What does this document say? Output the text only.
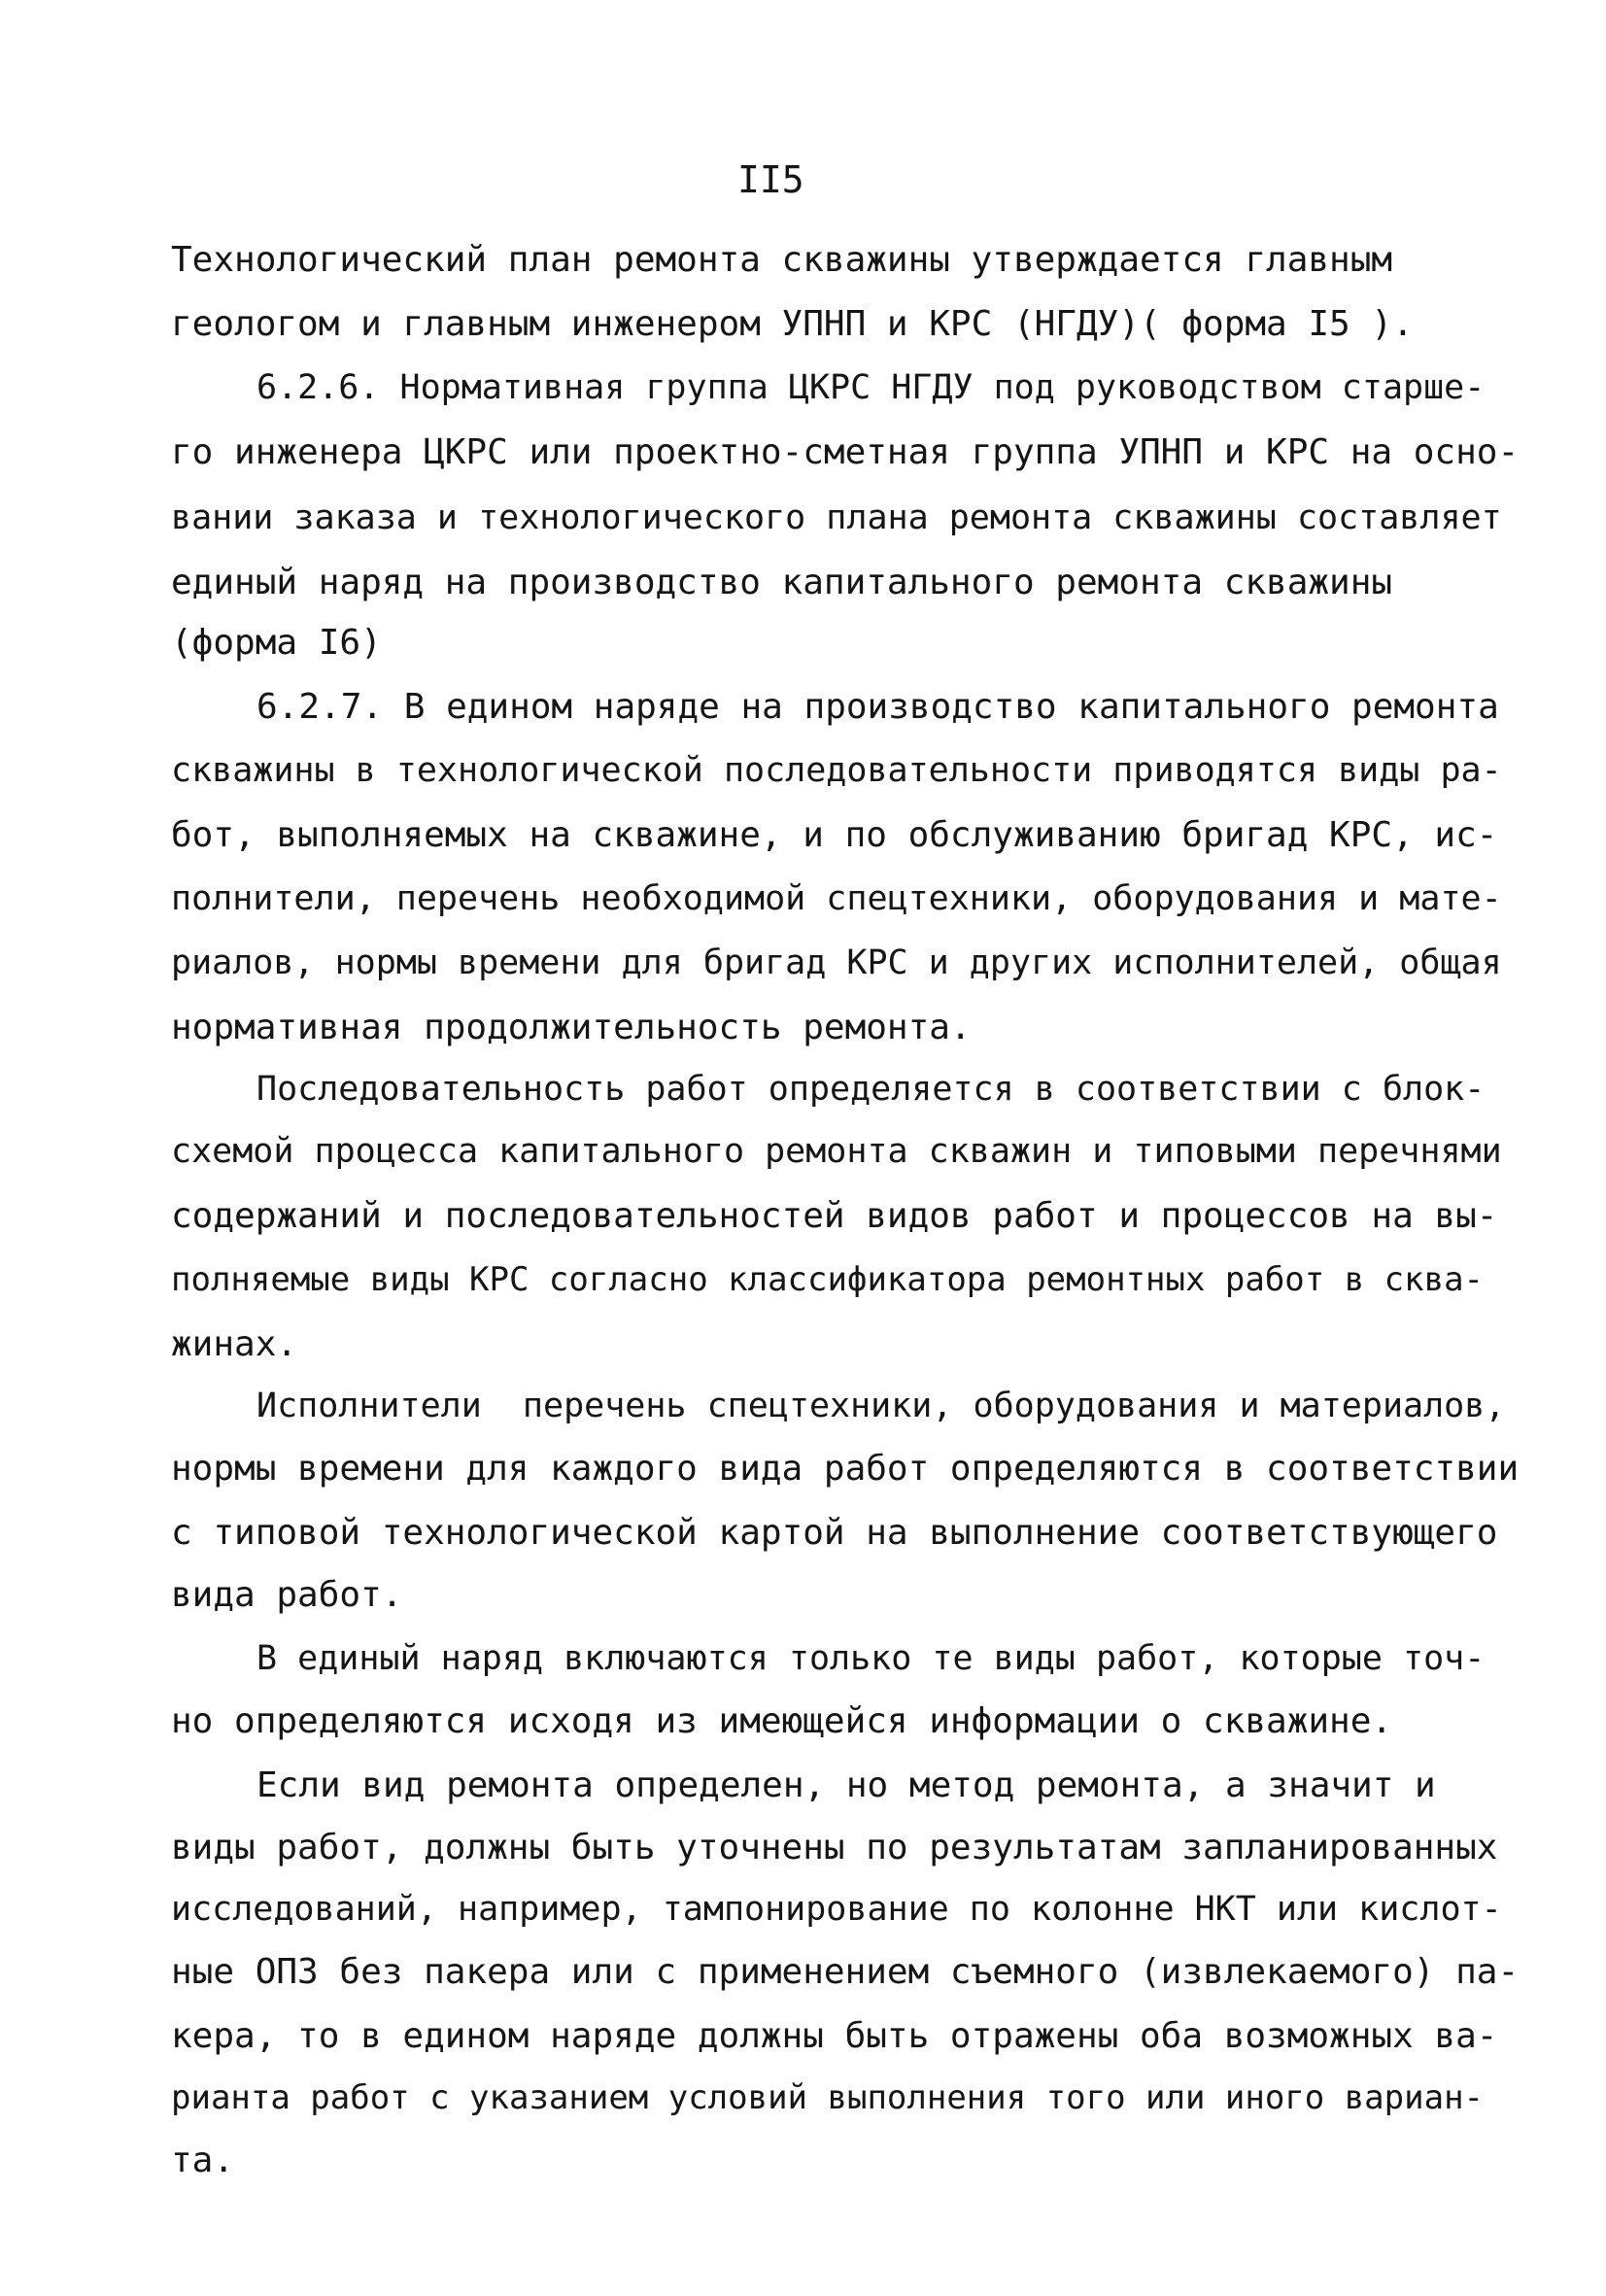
II5
Технологический план ремонта скважины утверждается главным
геологом и главным инженером УПНП и КРС (НГДУ)( форма I5 ).
6.2.6. Нормативная группа ЦКРС НГДУ под руководством старше-
го инженера ЦКРС или проектно-сметная группа УПНП и КРС на осно-
вании заказа и технологического плана ремонта скважины составляет
единый наряд на производство капитального ремонта скважины
(форма I6)
6.2.7. В едином наряде на производство капитального ремонта
скважины в технологической последовательности приводятся виды ра-
бот, выполняемых на скважине, и по обслуживанию бригад КРС, ис-
полнители, перечень необходимой спецтехники, оборудования и мате-
риалов, нормы времени для бригад КРС и других исполнителей, общая
нормативная продолжительность ремонта.
Последовательность работ определяется в соответствии с блок-
схемой процесса капитального ремонта скважин и типовыми перечнями
содержаний и последовательностей видов работ и процессов на вы-
полняемые виды КРС согласно классификатора ремонтных работ в сква-
жинах.
Исполнители  перечень спецтехники, оборудования и материалов,
нормы времени для каждого вида работ определяются в соответствии
с типовой технологической картой на выполнение соответствующего
вида работ.
В единый наряд включаются только те виды работ, которые точ-
но определяются исходя из имеющейся информации о скважине.
Если вид ремонта определен, но метод ремонта, а значит и
виды работ, должны быть уточнены по результатам запланированных
исследований, например, тампонирование по колонне НКТ или кислот-
ные ОПЗ без пакера или с применением съемного (извлекаемого) па-
кера, то в едином наряде должны быть отражены оба возможных ва-
рианта работ с указанием условий выполнения того или иного вариан-
та.
